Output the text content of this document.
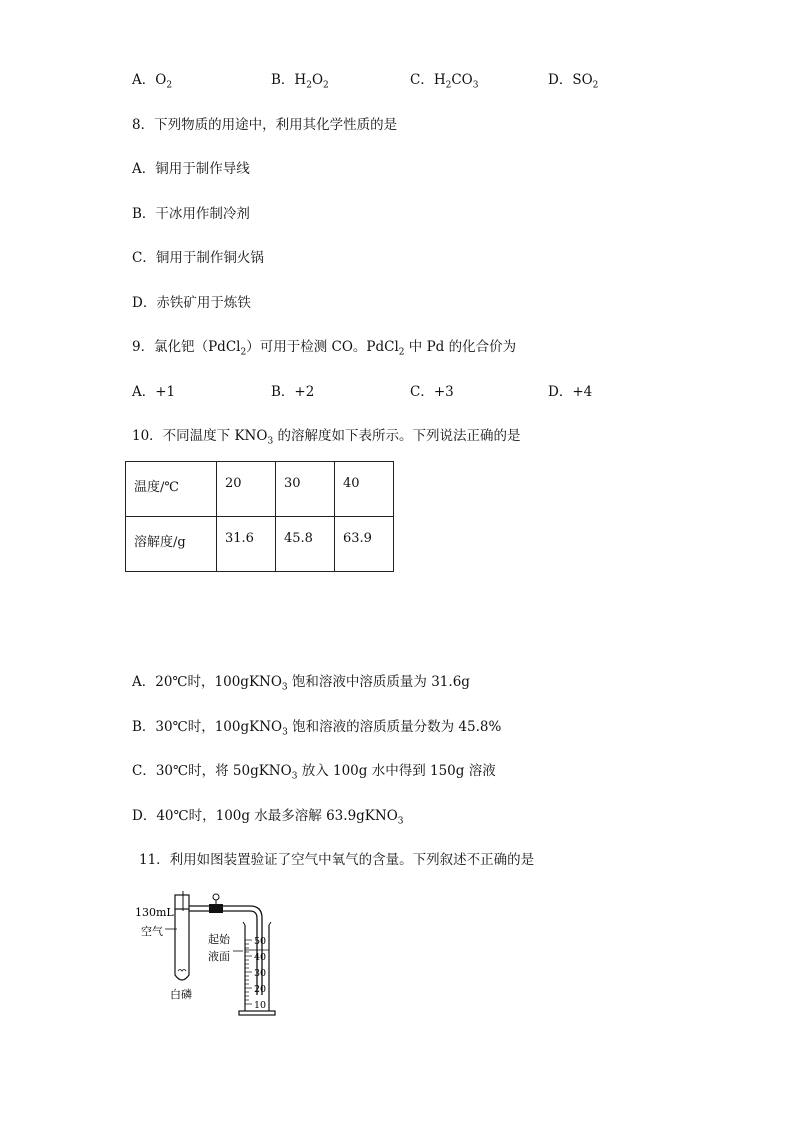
A．$O_2$	B．$H_2O_2$	C．$H_2CO_3$	D．$SO_2$
8．下列物质的用途中，利用其化学性质的是
A．铜用于制作导线
B．干冰用作制冷剂
C．铜用于制作铜火锅
D．赤铁矿用于炼铁
9．氯化钯（PdCl$_2$）可用于检测 CO。PdCl$_2$ 中 Pd 的化合价为
A．+1	B．+2	C．+3	D．+4
10．不同温度下 $KNO_3$ 的溶解度如下表所示。下列说法正确的是
温度/℃	20	30	40
溶解度/g	31.6	45.8	63.9
A．20℃时，100gKNO$_3$ 饱和溶液中溶质质量为 31.6g
B．30℃时，100gKNO$_3$ 饱和溶液的溶质质量分数为 45.8%
C．30℃时，将 50gKNO$_3$ 放入 100g 水中得到 150g 溶液
D．40℃时，100g 水最多溶解 63.9gKNO$_3$
11．利用如图装置验证了空气中氧气的含量。下列叙述不正确的是
130mL
空气
起始
液面
白磷
50
40
30
20
10
